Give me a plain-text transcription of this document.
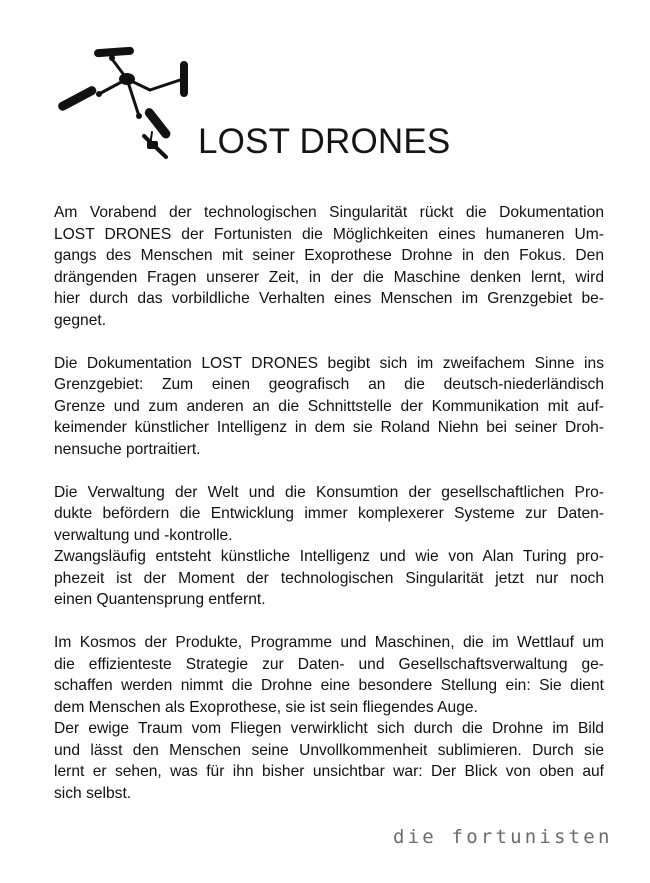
LOST DRONES

Am Vorabend der technologischen Singularität rückt die Dokumentation
LOST DRONES der Fortunisten die Möglichkeiten eines humaneren Um-
gangs des Menschen mit seiner Exoprothese Drohne in den Fokus. Den
drängenden Fragen unserer Zeit, in der die Maschine denken lernt, wird
hier durch das vorbildliche Verhalten eines Menschen im Grenzgebiet be-
gegnet.

Die Dokumentation LOST DRONES begibt sich im zweifachem Sinne ins
Grenzgebiet: Zum einen geografisch an die deutsch-niederländisch
Grenze und zum anderen an die Schnittstelle der Kommunikation mit auf-
keimender künstlicher Intelligenz in dem sie Roland Niehn bei seiner Droh-
nensuche portraitiert.

Die Verwaltung der Welt und die Konsumtion der gesellschaftlichen Pro-
dukte befördern die Entwicklung immer komplexerer Systeme zur Daten-
verwaltung und -kontrolle.
Zwangsläufig entsteht künstliche Intelligenz und wie von Alan Turing pro-
phezeit ist der Moment der technologischen Singularität jetzt nur noch
einen Quantensprung entfernt.

Im Kosmos der Produkte, Programme und Maschinen, die im Wettlauf um
die effizienteste Strategie zur Daten- und Gesellschaftsverwaltung ge-
schaffen werden nimmt die Drohne eine besondere Stellung ein: Sie dient
dem Menschen als Exoprothese, sie ist sein fliegendes Auge.
Der ewige Traum vom Fliegen verwirklicht sich durch die Drohne im Bild
und lässt den Menschen seine Unvollkommenheit sublimieren. Durch sie
lernt er sehen, was für ihn bisher unsichtbar war: Der Blick von oben auf
sich selbst.

die fortunisten
